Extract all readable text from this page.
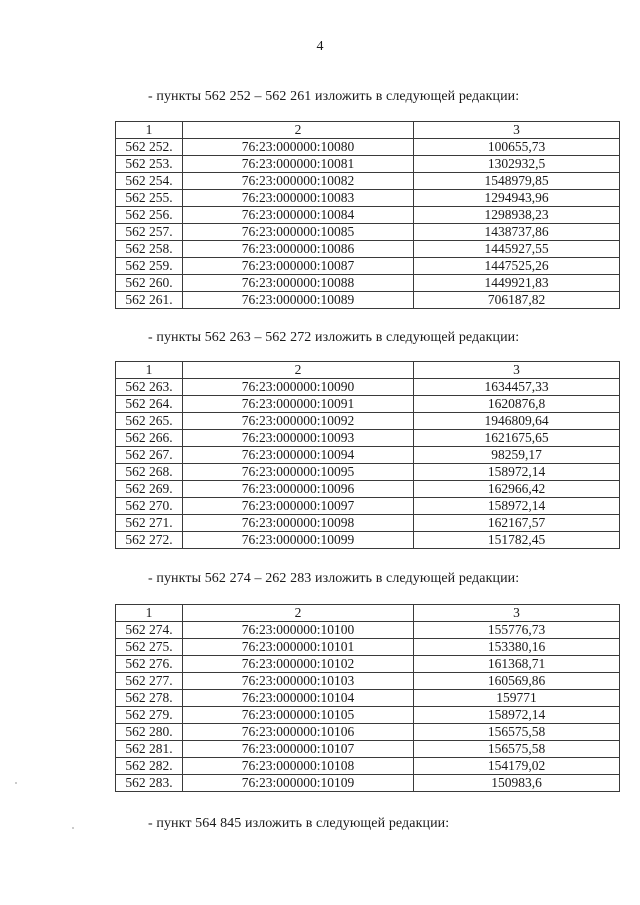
4
- пункты 562 252 – 562 261 изложить в следующей редакции:
1	2	3
562 252.	76:23:000000:10080	100655,73
562 253.	76:23:000000:10081	1302932,5
562 254.	76:23:000000:10082	1548979,85
562 255.	76:23:000000:10083	1294943,96
562 256.	76:23:000000:10084	1298938,23
562 257.	76:23:000000:10085	1438737,86
562 258.	76:23:000000:10086	1445927,55
562 259.	76:23:000000:10087	1447525,26
562 260.	76:23:000000:10088	1449921,83
562 261.	76:23:000000:10089	706187,82
- пункты 562 263 – 562 272 изложить в следующей редакции:
1	2	3
562 263.	76:23:000000:10090	1634457,33
562 264.	76:23:000000:10091	1620876,8
562 265.	76:23:000000:10092	1946809,64
562 266.	76:23:000000:10093	1621675,65
562 267.	76:23:000000:10094	98259,17
562 268.	76:23:000000:10095	158972,14
562 269.	76:23:000000:10096	162966,42
562 270.	76:23:000000:10097	158972,14
562 271.	76:23:000000:10098	162167,57
562 272.	76:23:000000:10099	151782,45
- пункты 562 274 – 262 283 изложить в следующей редакции:
1	2	3
562 274.	76:23:000000:10100	155776,73
562 275.	76:23:000000:10101	153380,16
562 276.	76:23:000000:10102	161368,71
562 277.	76:23:000000:10103	160569,86
562 278.	76:23:000000:10104	159771
562 279.	76:23:000000:10105	158972,14
562 280.	76:23:000000:10106	156575,58
562 281.	76:23:000000:10107	156575,58
562 282.	76:23:000000:10108	154179,02
562 283.	76:23:000000:10109	150983,6
- пункт 564 845 изложить в следующей редакции:
